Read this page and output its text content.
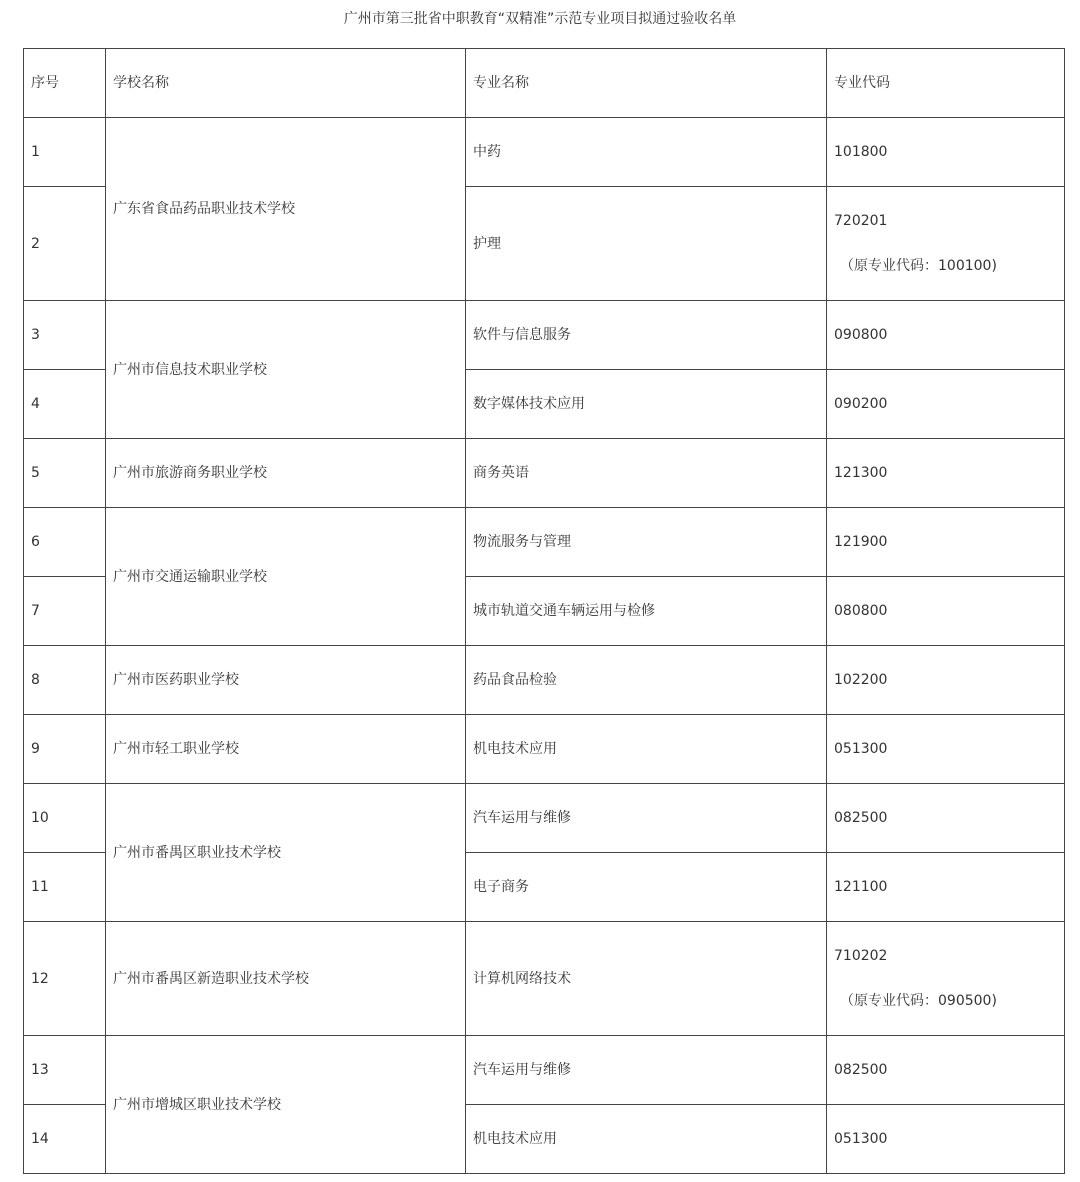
广州市第三批省中职教育“双精准”示范专业项目拟通过验收名单
序号	学校名称	专业名称	专业代码
1	广东省食品药品职业技术学校	中药	101800
2		护理	720201
（原专业代码：100100)

3	广州市信息技术职业学校	软件与信息服务	090800
4		数字媒体技术应用	090200
5	广州市旅游商务职业学校	商务英语	121300
6	广州市交通运输职业学校	物流服务与管理	121900
7		城市轨道交通车辆运用与检修	080800
8	广州市医药职业学校	药品食品检验	102200
9	广州市轻工职业学校	机电技术应用	051300
10	广州市番禺区职业技术学校	汽车运用与维修	082500
11		电子商务	121100
12	广州市番禺区新造职业技术学校	计算机网络技术	710202
（原专业代码：090500)

13	广州市增城区职业技术学校	汽车运用与维修	082500
14		机电技术应用	051300
